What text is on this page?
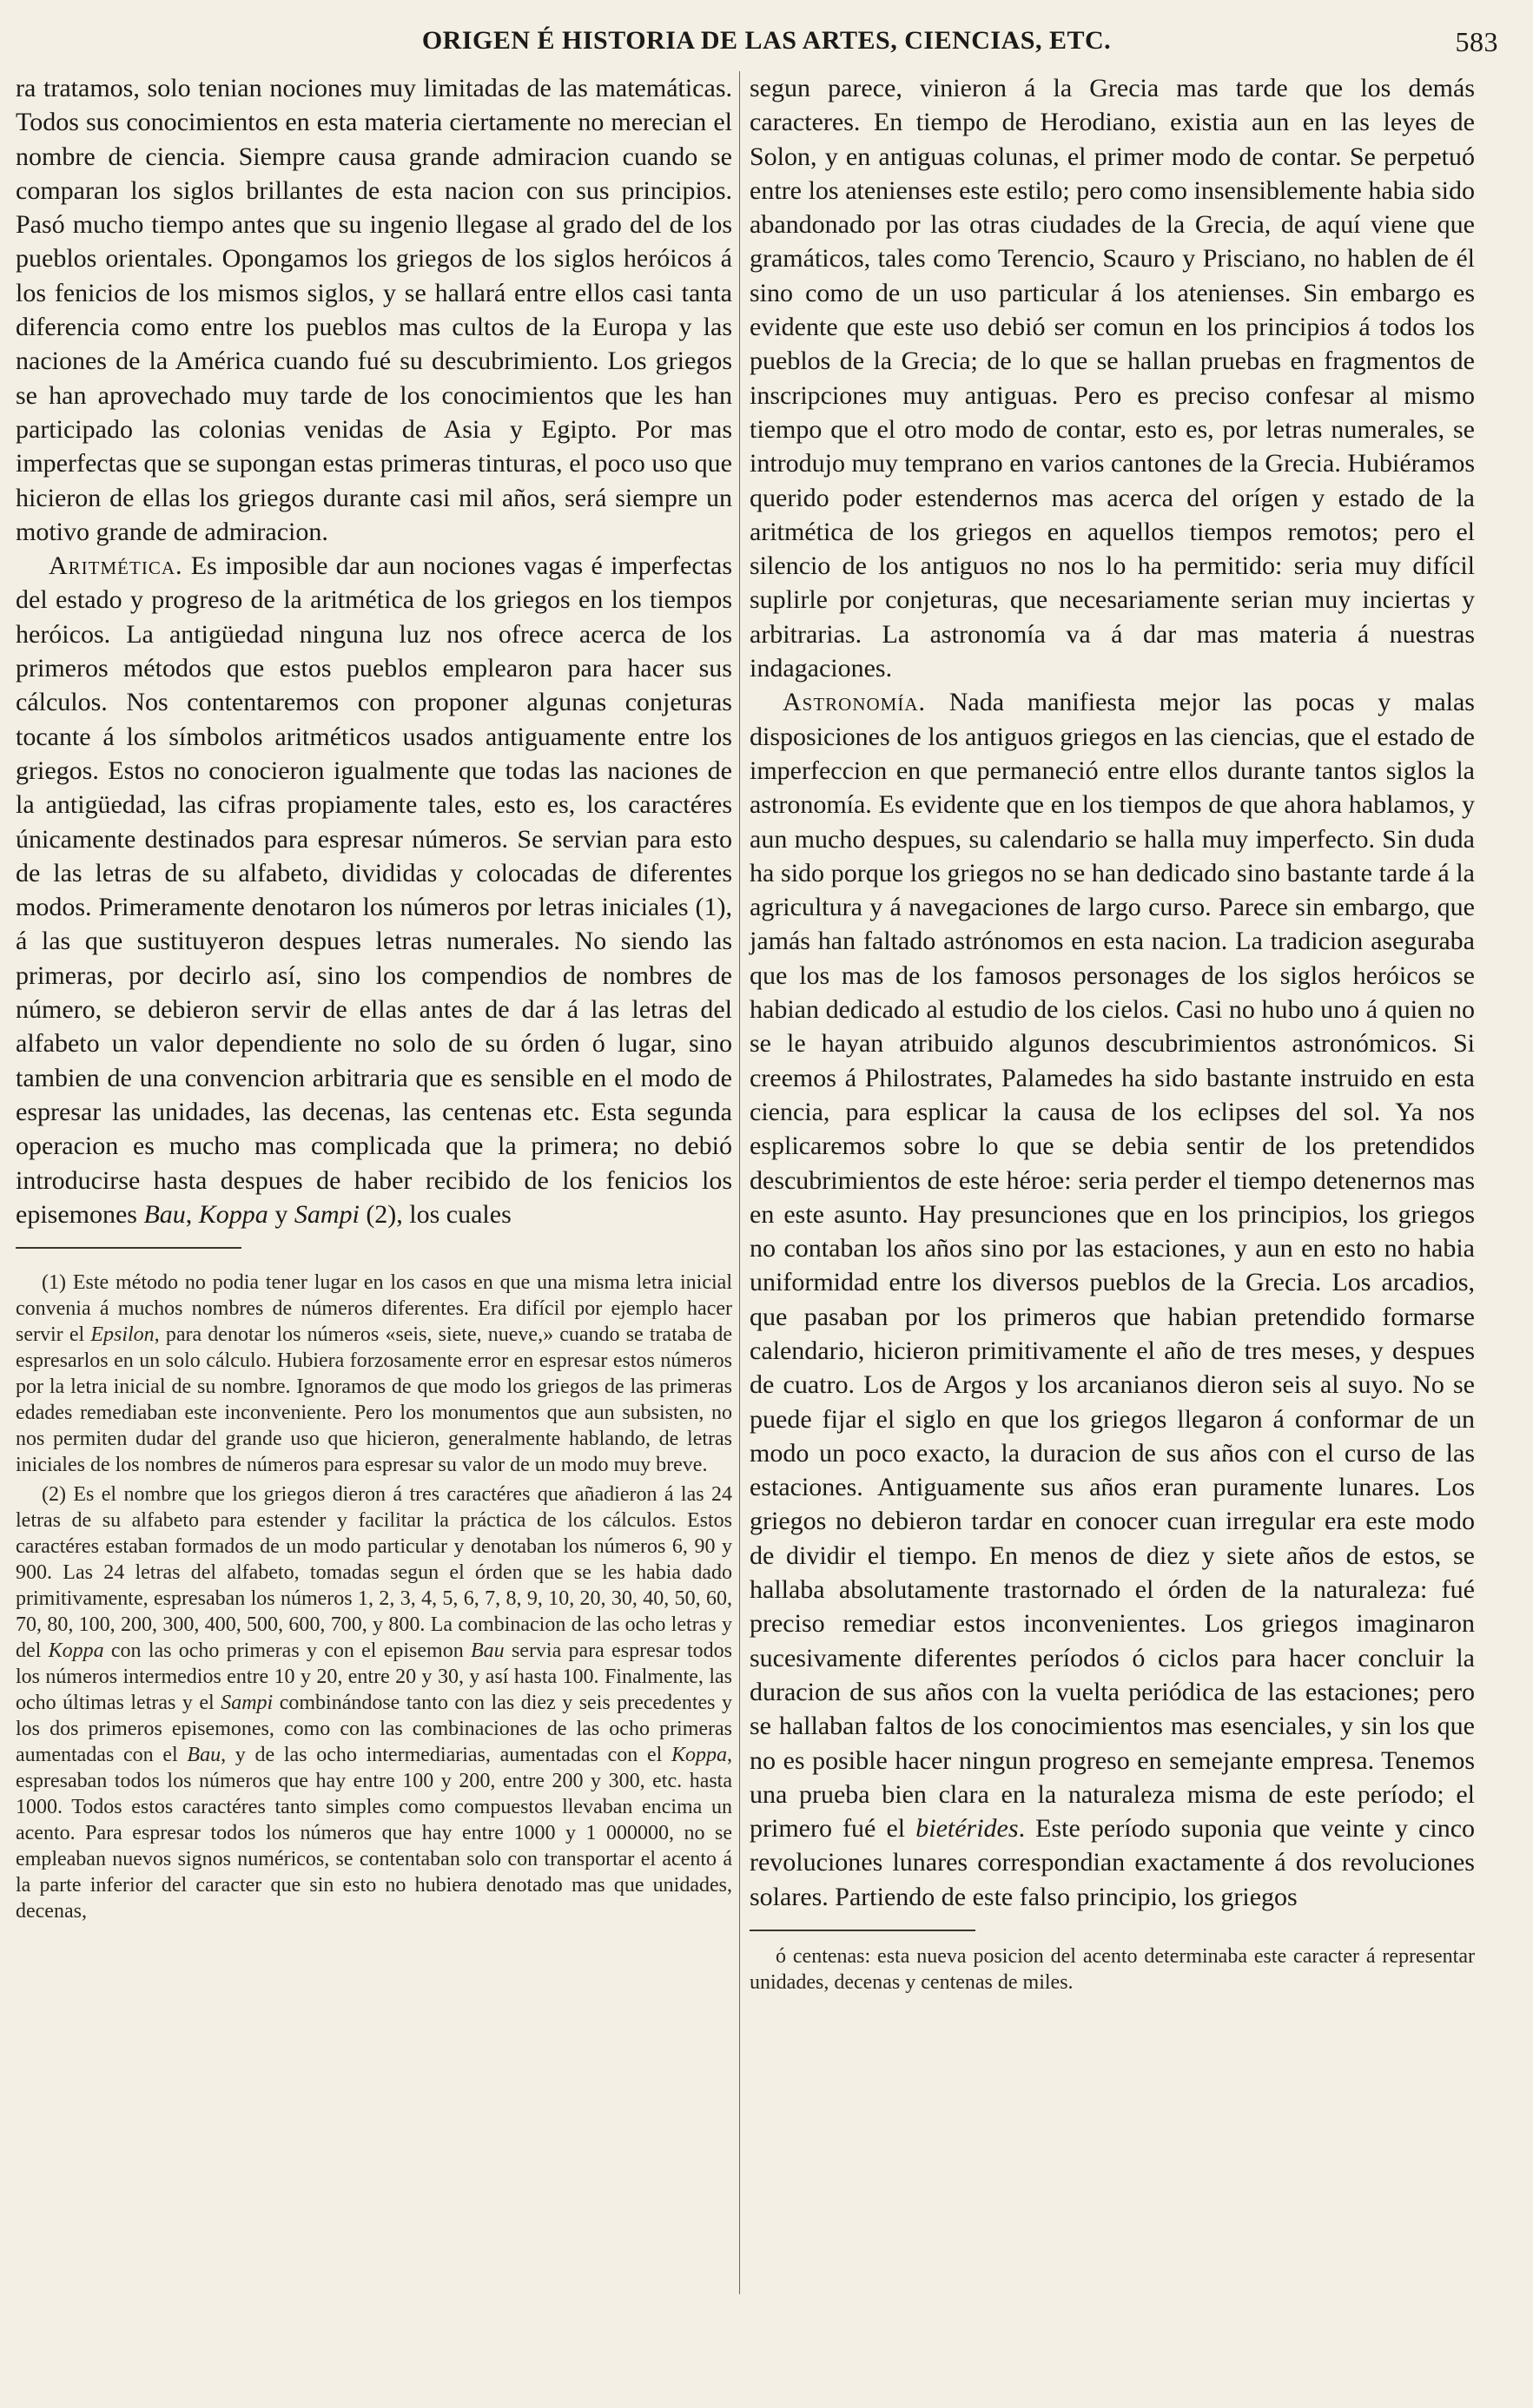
ORIGEN É HISTORIA DE LAS ARTES, CIENCIAS, ETC.	583

ra tratamos, solo tenian nociones muy limitadas de las matemáticas. Todos sus conocimientos en esta materia ciertamente no merecian el nombre de ciencia. Siempre causa grande admiracion cuando se comparan los siglos brillantes de esta nacion con sus principios. Pasó mucho tiempo antes que su ingenio llegase al grado del de los pueblos orientales. Opongamos los griegos de los siglos heróicos á los fenicios de los mismos siglos, y se hallará entre ellos casi tanta diferencia como entre los pueblos mas cultos de la Europa y las naciones de la América cuando fué su descubrimiento. Los griegos se han aprovechado muy tarde de los conocimientos que les han participado las colonias venidas de Asia y Egipto. Por mas imperfectas que se supongan estas primeras tinturas, el poco uso que hicieron de ellas los griegos durante casi mil años, será siempre un motivo grande de admiracion.

Aritmética. Es imposible dar aun nociones vagas é imperfectas del estado y progreso de la aritmética de los griegos en los tiempos heróicos. La antigüedad ninguna luz nos ofrece acerca de los primeros métodos que estos pueblos emplearon para hacer sus cálculos. Nos contentaremos con proponer algunas conjeturas tocante á los símbolos aritméticos usados antiguamente entre los griegos. Estos no conocieron igualmente que todas las naciones de la antigüedad, las cifras propiamente tales, esto es, los caractéres únicamente destinados para espresar números. Se servian para esto de las letras de su alfabeto, divididas y colocadas de diferentes modos. Primeramente denotaron los números por letras iniciales (1), á las que sustituyeron despues letras numerales. No siendo las primeras, por decirlo así, sino los compendios de nombres de número, se debieron servir de ellas antes de dar á las letras del alfabeto un valor dependiente no solo de su órden ó lugar, sino tambien de una convencion arbitraria que es sensible en el modo de espresar las unidades, las decenas, las centenas etc. Esta segunda operacion es mucho mas complicada que la primera; no debió introducirse hasta despues de haber recibido de los fenicios los episemones Bau, Koppa y Sampi (2), los cuales

(1) Este método no podia tener lugar en los casos en que una misma letra inicial convenia á muchos nombres de números diferentes. Era difícil por ejemplo hacer servir el Epsilon, para denotar los números «seis, siete, nueve,» cuando se trataba de espresarlos en un solo cálculo. Hubiera forzosamente error en espresar estos números por la letra inicial de su nombre. Ignoramos de que modo los griegos de las primeras edades remediaban este inconveniente. Pero los monumentos que aun subsisten, no nos permiten dudar del grande uso que hicieron, generalmente hablando, de letras iniciales de los nombres de números para espresar su valor de un modo muy breve.

(2) Es el nombre que los griegos dieron á tres caractéres que añadieron á las 24 letras de su alfabeto para estender y facilitar la práctica de los cálculos. Estos caractéres estaban formados de un modo particular y denotaban los números 6, 90 y 900. Las 24 letras del alfabeto, tomadas segun el órden que se les habia dado primitivamente, espresaban los números 1, 2, 3, 4, 5, 6, 7, 8, 9, 10, 20, 30, 40, 50, 60, 70, 80, 100, 200, 300, 400, 500, 600, 700, y 800. La combinacion de las ocho letras y del Koppa con las ocho primeras y con el episemon Bau servia para espresar todos los números intermedios entre 10 y 20, entre 20 y 30, y así hasta 100. Finalmente, las ocho últimas letras y el Sampi combinándose tanto con las diez y seis precedentes y los dos primeros episemones, como con las combinaciones de las ocho primeras aumentadas con el Bau, y de las ocho intermediarias, aumentadas con el Koppa, espresaban todos los números que hay entre 100 y 200, entre 200 y 300, etc. hasta 1000. Todos estos caractéres tanto simples como compuestos llevaban encima un acento. Para espresar todos los números que hay entre 1000 y 1 000000, no se empleaban nuevos signos numéricos, se contentaban solo con transportar el acento á la parte inferior del caracter que sin esto no hubiera denotado mas que unidades, decenas,

segun parece, vinieron á la Grecia mas tarde que los demás caracteres. En tiempo de Herodiano, existia aun en las leyes de Solon, y en antiguas colunas, el primer modo de contar. Se perpetuó entre los atenienses este estilo; pero como insensiblemente habia sido abandonado por las otras ciudades de la Grecia, de aquí viene que gramáticos, tales como Terencio, Scauro y Prisciano, no hablen de él sino como de un uso particular á los atenienses. Sin embargo es evidente que este uso debió ser comun en los principios á todos los pueblos de la Grecia; de lo que se hallan pruebas en fragmentos de inscripciones muy antiguas. Pero es preciso confesar al mismo tiempo que el otro modo de contar, esto es, por letras numerales, se introdujo muy temprano en varios cantones de la Grecia. Hubiéramos querido poder estendernos mas acerca del orígen y estado de la aritmética de los griegos en aquellos tiempos remotos; pero el silencio de los antiguos no nos lo ha permitido: seria muy difícil suplirle por conjeturas, que necesariamente serian muy inciertas y arbitrarias. La astronomía va á dar mas materia á nuestras indagaciones.

Astronomía. Nada manifiesta mejor las pocas y malas disposiciones de los antiguos griegos en las ciencias, que el estado de imperfeccion en que permaneció entre ellos durante tantos siglos la astronomía. Es evidente que en los tiempos de que ahora hablamos, y aun mucho despues, su calendario se halla muy imperfecto. Sin duda ha sido porque los griegos no se han dedicado sino bastante tarde á la agricultura y á navegaciones de largo curso. Parece sin embargo, que jamás han faltado astrónomos en esta nacion. La tradicion aseguraba que los mas de los famosos personages de los siglos heróicos se habian dedicado al estudio de los cielos. Casi no hubo uno á quien no se le hayan atribuido algunos descubrimientos astronómicos. Si creemos á Philostrates, Palamedes ha sido bastante instruido en esta ciencia, para esplicar la causa de los eclipses del sol. Ya nos esplicaremos sobre lo que se debia sentir de los pretendidos descubrimientos de este héroe: seria perder el tiempo detenernos mas en este asunto. Hay presunciones que en los principios, los griegos no contaban los años sino por las estaciones, y aun en esto no habia uniformidad entre los diversos pueblos de la Grecia. Los arcadios, que pasaban por los primeros que habian pretendido formarse calendario, hicieron primitivamente el año de tres meses, y despues de cuatro. Los de Argos y los arcanianos dieron seis al suyo. No se puede fijar el siglo en que los griegos llegaron á conformar de un modo un poco exacto, la duracion de sus años con el curso de las estaciones. Antiguamente sus años eran puramente lunares. Los griegos no debieron tardar en conocer cuan irregular era este modo de dividir el tiempo. En menos de diez y siete años de estos, se hallaba absolutamente trastornado el órden de la naturaleza: fué preciso remediar estos inconvenientes. Los griegos imaginaron sucesivamente diferentes períodos ó ciclos para hacer concluir la duracion de sus años con la vuelta periódica de las estaciones; pero se hallaban faltos de los conocimientos mas esenciales, y sin los que no es posible hacer ningun progreso en semejante empresa. Tenemos una prueba bien clara en la naturaleza misma de este período; el primero fué el bietérides. Este período suponia que veinte y cinco revoluciones lunares correspondian exactamente á dos revoluciones solares. Partiendo de este falso principio, los griegos

ó centenas: esta nueva posicion del acento determinaba este caracter á representar unidades, decenas y centenas de miles.
